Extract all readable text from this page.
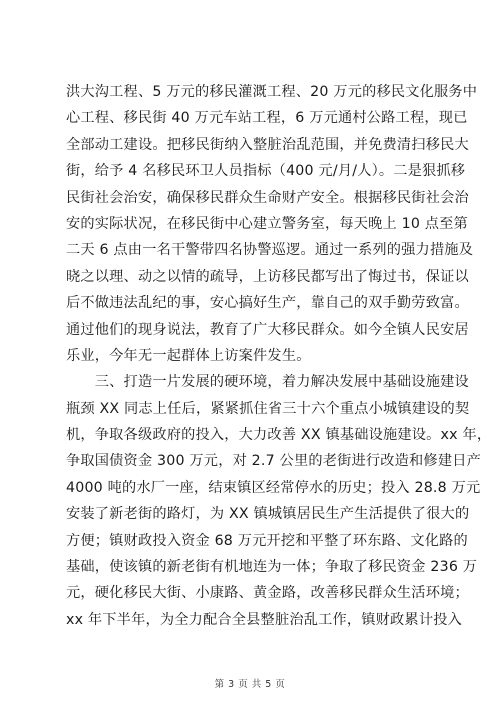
洪大沟工程、5 万元的移民灌溉工程、20 万元的移民文化服务中
心工程、移民街 40 万元车站工程，6 万元通村公路工程，现已
全部动工建设。把移民街纳入整脏治乱范围，并免费清扫移民大
街，给予 4 名移民环卫人员指标（400 元/月/人）。二是狠抓移
民街社会治安，确保移民群众生命财产安全。根据移民街社会治
安的实际状况，在移民街中心建立警务室，每天晚上 10 点至第
二天 6 点由一名干警带四名协警巡逻。通过一系列的强力措施及
晓之以理、动之以情的疏导，上访移民都写出了悔过书，保证以
后不做违法乱纪的事，安心搞好生产，靠自己的双手勤劳致富。
通过他们的现身说法，教育了广大移民群众。如今全镇人民安居
乐业，今年无一起群体上访案件发生。
　　三、打造一片发展的硬环境，着力解决发展中基础设施建设
瓶颈 XX 同志上任后，紧紧抓住省三十六个重点小城镇建设的契
机，争取各级政府的投入，大力改善 XX 镇基础设施建设。xx 年，
争取国债资金 300 万元，对 2.7 公里的老街进行改造和修建日产
4000 吨的水厂一座，结束镇区经常停水的历史；投入 28.8 万元
安装了新老街的路灯，为 XX 镇城镇居民生产生活提供了很大的
方便；镇财政投入资金 68 万元开挖和平整了环东路、文化路的
基础，使该镇的新老街有机地连为一体；争取了移民资金 236 万
元，硬化移民大街、小康路、黄金路，改善移民群众生活环境；
xx 年下半年，为全力配合全县整脏治乱工作，镇财政累计投入
第 3 页 共 5 页
